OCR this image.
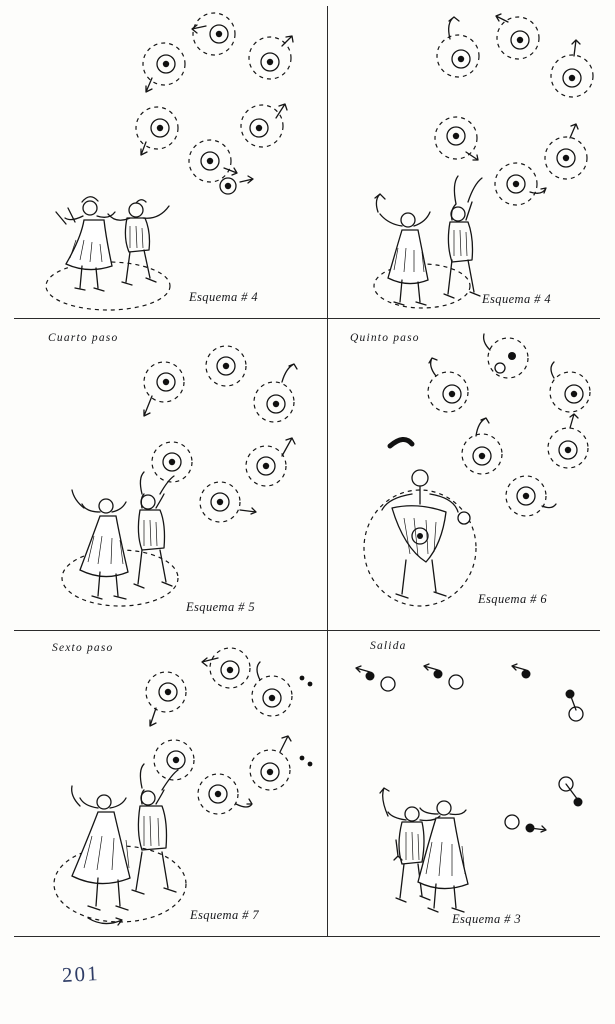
Esquema # 4	Esquema # 4
Cuarto paso
Esquema # 5
Quinto paso
Esquema # 6
Sexto paso
Esquema # 7
Salida
Esquema # 3
201
